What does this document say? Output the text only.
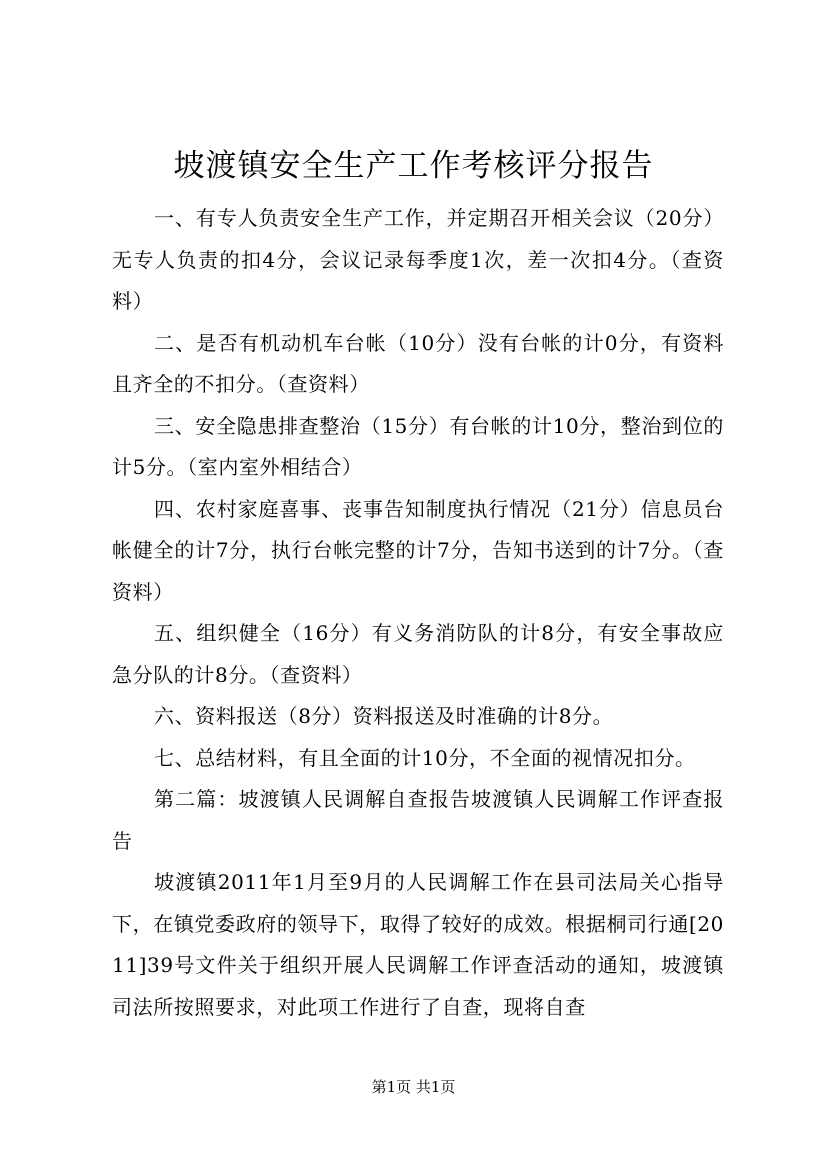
坡渡镇安全生产工作考核评分报告

一、有专人负责安全生产工作，并定期召开相关会议（20分）无专人负责的扣4分，会议记录每季度1次，差一次扣4分。（查资料）

二、是否有机动机车台帐（10分）没有台帐的计0分，有资料且齐全的不扣分。（查资料）

三、安全隐患排查整治（15分）有台帐的计10分，整治到位的计5分。（室内室外相结合）

四、农村家庭喜事、丧事告知制度执行情况（21分）信息员台帐健全的计7分，执行台帐完整的计7分，告知书送到的计7分。（查资料）

五、组织健全（16分）有义务消防队的计8分，有安全事故应急分队的计8分。（查资料）

六、资料报送（8分）资料报送及时准确的计8分。

七、总结材料，有且全面的计10分，不全面的视情况扣分。

第二篇：坡渡镇人民调解自查报告坡渡镇人民调解工作评查报告

坡渡镇2011年1月至9月的人民调解工作在县司法局关心指导下，在镇党委政府的领导下，取得了较好的成效。根据桐司行通[2011]39号文件关于组织开展人民调解工作评查活动的通知，坡渡镇司法所按照要求，对此项工作进行了自查，现将自查

第1页 共1页
